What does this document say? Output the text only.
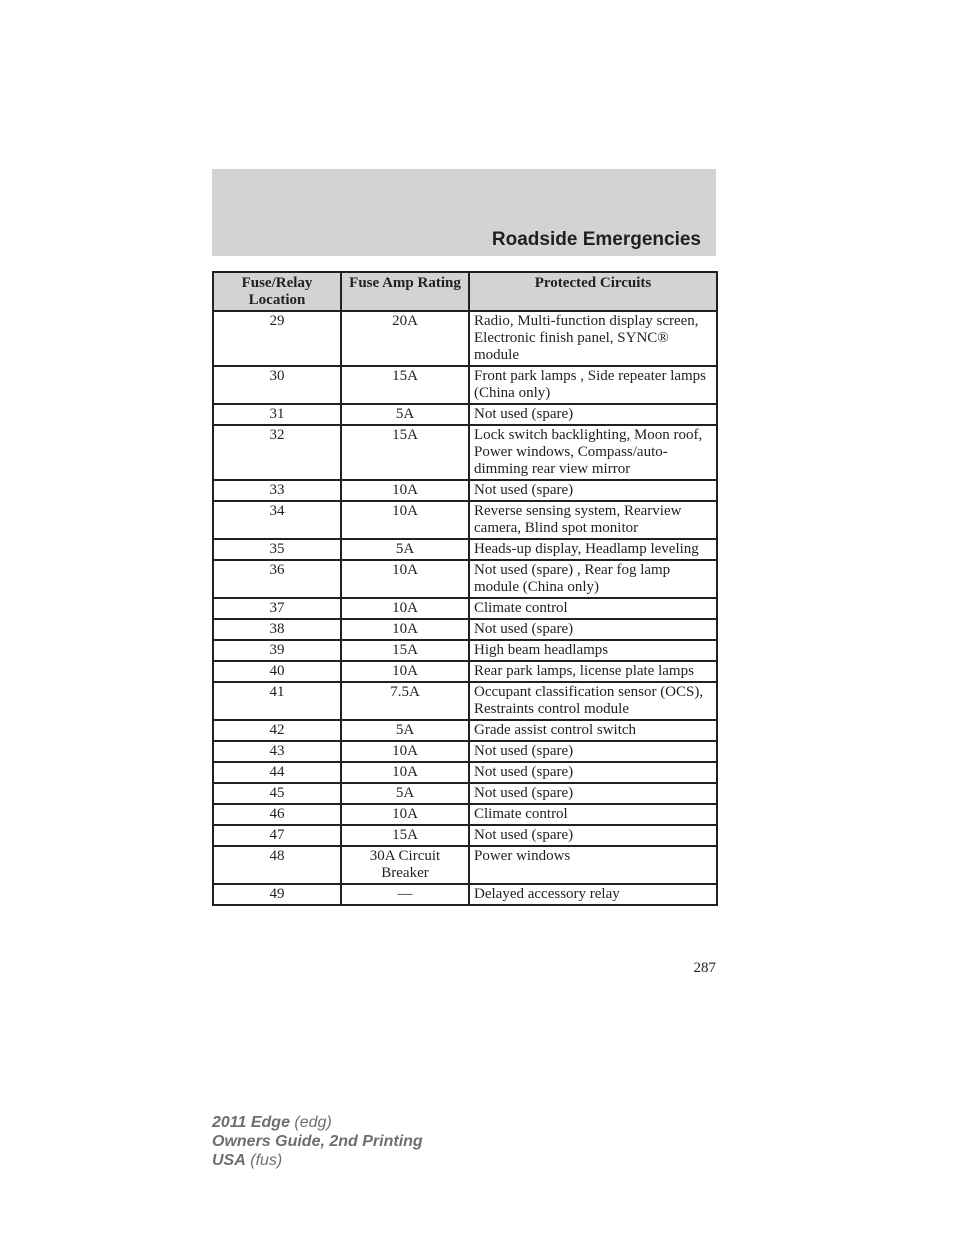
Roadside Emergencies
Fuse/Relay Location	Fuse Amp Rating	Protected Circuits
29	20A	Radio, Multi-function display screen, Electronic finish panel, SYNC® module
30	15A	Front park lamps , Side repeater lamps (China only)
31	5A	Not used (spare)
32	15A	Lock switch backlighting, Moon roof, Power windows, Compass/auto-dimming rear view mirror
33	10A	Not used (spare)
34	10A	Reverse sensing system, Rearview camera, Blind spot monitor
35	5A	Heads-up display, Headlamp leveling
36	10A	Not used (spare) , Rear fog lamp module (China only)
37	10A	Climate control
38	10A	Not used (spare)
39	15A	High beam headlamps
40	10A	Rear park lamps, license plate lamps
41	7.5A	Occupant classification sensor (OCS), Restraints control module
42	5A	Grade assist control switch
43	10A	Not used (spare)
44	10A	Not used (spare)
45	5A	Not used (spare)
46	10A	Climate control
47	15A	Not used (spare)
48	30A Circuit Breaker	Power windows
49	—	Delayed accessory relay
287
2011 Edge (edg)
Owners Guide, 2nd Printing
USA (fus)
